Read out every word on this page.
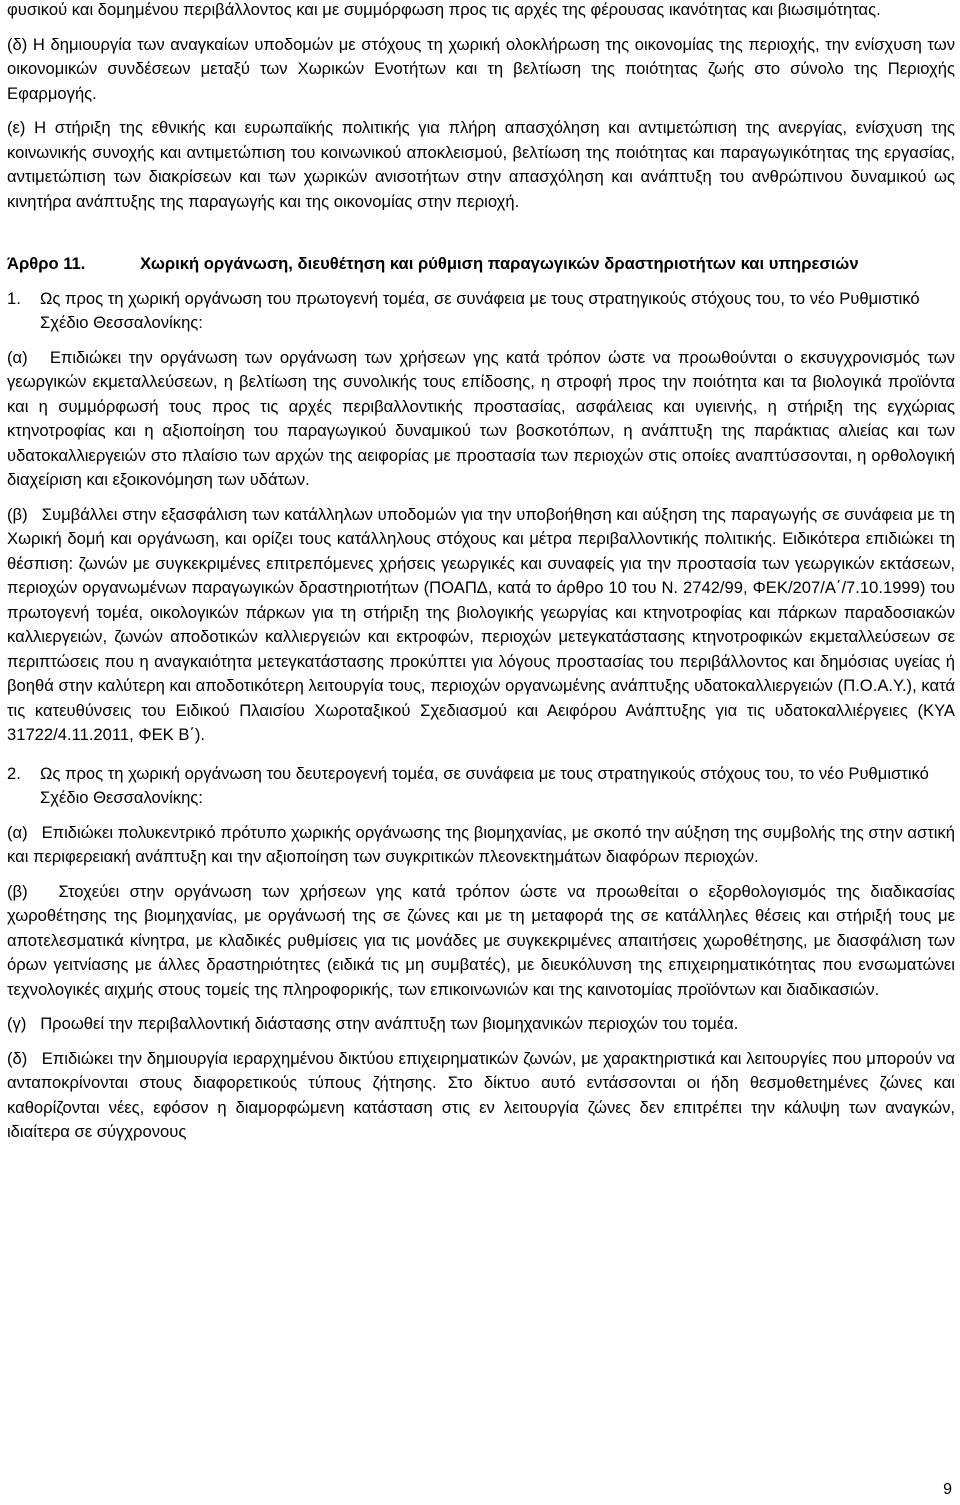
φυσικού και δομημένου περιβάλλοντος και με συμμόρφωση προς τις αρχές της φέρουσας ικανότητας και βιωσιμότητας.

(δ) Η δημιουργία των αναγκαίων υποδομών με στόχους τη χωρική ολοκλήρωση της οικονομίας της περιοχής, την ενίσχυση των οικονομικών συνδέσεων μεταξύ των Χωρικών Ενοτήτων και τη βελτίωση της ποιότητας ζωής στο σύνολο της Περιοχής Εφαρμογής.

(ε) Η στήριξη της εθνικής και ευρωπαϊκής πολιτικής για πλήρη απασχόληση και αντιμετώπιση της ανεργίας, ενίσχυση της κοινωνικής συνοχής και αντιμετώπιση του κοινωνικού αποκλεισμού, βελτίωση της ποιότητας και παραγωγικότητας της εργασίας, αντιμετώπιση των διακρίσεων και των χωρικών ανισοτήτων στην απασχόληση και ανάπτυξη του ανθρώπινου δυναμικού ως κινητήρα ανάπτυξης της παραγωγής και της οικονομίας στην περιοχή.

Άρθρο 11.	Χωρική οργάνωση, διευθέτηση και ρύθμιση παραγωγικών δραστηριοτήτων και υπηρεσιών
1.	Ως προς τη χωρική οργάνωση του πρωτογενή τομέα, σε συνάφεια με τους στρατηγικούς στόχους του, το νέο Ρυθμιστικό Σχέδιο Θεσσαλονίκης:

(α) Επιδιώκει την οργάνωση των οργάνωση των χρήσεων γης κατά τρόπον ώστε να προωθούνται ο εκσυγχρονισμός των γεωργικών εκμεταλλεύσεων, η βελτίωση της συνολικής τους επίδοσης, η στροφή προς την ποιότητα και τα βιολογικά προϊόντα και η συμμόρφωσή τους προς τις αρχές περιβαλλοντικής προστασίας, ασφάλειας και υγιεινής, η στήριξη της εγχώριας κτηνοτροφίας και η αξιοποίηση του παραγωγικού δυναμικού των βοσκοτόπων, η ανάπτυξη της παράκτιας αλιείας και των υδατοκαλλιεργειών στο πλαίσιο των αρχών της αειφορίας με προστασία των περιοχών στις οποίες αναπτύσσονται, η ορθολογική διαχείριση και εξοικονόμηση των υδάτων.

(β) Συμβάλλει στην εξασφάλιση των κατάλληλων υποδομών για την υποβοήθηση και αύξηση της παραγωγής σε συνάφεια με τη Χωρική δομή και οργάνωση, και ορίζει τους κατάλληλους στόχους και μέτρα περιβαλλοντικής πολιτικής. Ειδικότερα επιδιώκει τη θέσπιση: ζωνών με συγκεκριμένες επιτρεπόμενες χρήσεις γεωργικές και συναφείς για την προστασία των γεωργικών εκτάσεων, περιοχών οργανωμένων παραγωγικών δραστηριοτήτων (ΠΟΑΠΔ, κατά το άρθρο 10 του Ν. 2742/99, ΦΕΚ/207/Α΄/7.10.1999) του πρωτογενή τομέα, οικολογικών πάρκων για τη στήριξη της βιολογικής γεωργίας και κτηνοτροφίας και πάρκων παραδοσιακών καλλιεργειών, ζωνών αποδοτικών καλλιεργειών και εκτροφών, περιοχών μετεγκατάστασης κτηνοτροφικών εκμεταλλεύσεων σε περιπτώσεις που η αναγκαιότητα μετεγκατάστασης προκύπτει για λόγους προστασίας του περιβάλλοντος και δημόσιας υγείας ή βοηθά στην καλύτερη και αποδοτικότερη λειτουργία τους, περιοχών οργανωμένης ανάπτυξης υδατοκαλλιεργειών (Π.Ο.Α.Υ.), κατά τις κατευθύνσεις του Ειδικού Πλαισίου Χωροταξικού Σχεδιασμού και Αειφόρου Ανάπτυξης για τις υδατοκαλλιέργειες (ΚΥΑ 31722/4.11.2011, ΦΕΚ Β΄).

2.	Ως προς τη χωρική οργάνωση του δευτερογενή τομέα, σε συνάφεια με τους στρατηγικούς στόχους του, το νέο Ρυθμιστικό Σχέδιο Θεσσαλονίκης:

(α) Επιδιώκει πολυκεντρικό πρότυπο χωρικής οργάνωσης της βιομηχανίας, με σκοπό την αύξηση της συμβολής της στην αστική και περιφερειακή ανάπτυξη και την αξιοποίηση των συγκριτικών πλεονεκτημάτων διαφόρων περιοχών.

(β) Στοχεύει στην οργάνωση των χρήσεων γης κατά τρόπον ώστε να προωθείται ο εξορθολογισμός της διαδικασίας χωροθέτησης της βιομηχανίας, με οργάνωσή της σε ζώνες και με τη μεταφορά της σε κατάλληλες θέσεις και στήριξή τους με αποτελεσματικά κίνητρα, με κλαδικές ρυθμίσεις για τις μονάδες με συγκεκριμένες απαιτήσεις χωροθέτησης, με διασφάλιση των όρων γειτνίασης με άλλες δραστηριότητες (ειδικά τις μη συμβατές), με διευκόλυνση της επιχειρηματικότητας που ενσωματώνει τεχνολογικές αιχμής στους τομείς της πληροφορικής, των επικοινωνιών και της καινοτομίας προϊόντων και διαδικασιών.

(γ) Προωθεί την περιβαλλοντική διάστασης στην ανάπτυξη των βιομηχανικών περιοχών του τομέα.

(δ) Επιδιώκει την δημιουργία ιεραρχημένου δικτύου επιχειρηματικών ζωνών, με χαρακτηριστικά και λειτουργίες που μπορούν να ανταποκρίνονται στους διαφορετικούς τύπους ζήτησης. Στο δίκτυο αυτό εντάσσονται οι ήδη θεσμοθετημένες ζώνες και καθορίζονται νέες, εφόσον η διαμορφώμενη κατάσταση στις εν λειτουργία ζώνες δεν επιτρέπει την κάλυψη των αναγκών, ιδιαίτερα σε σύγχρονους

9
